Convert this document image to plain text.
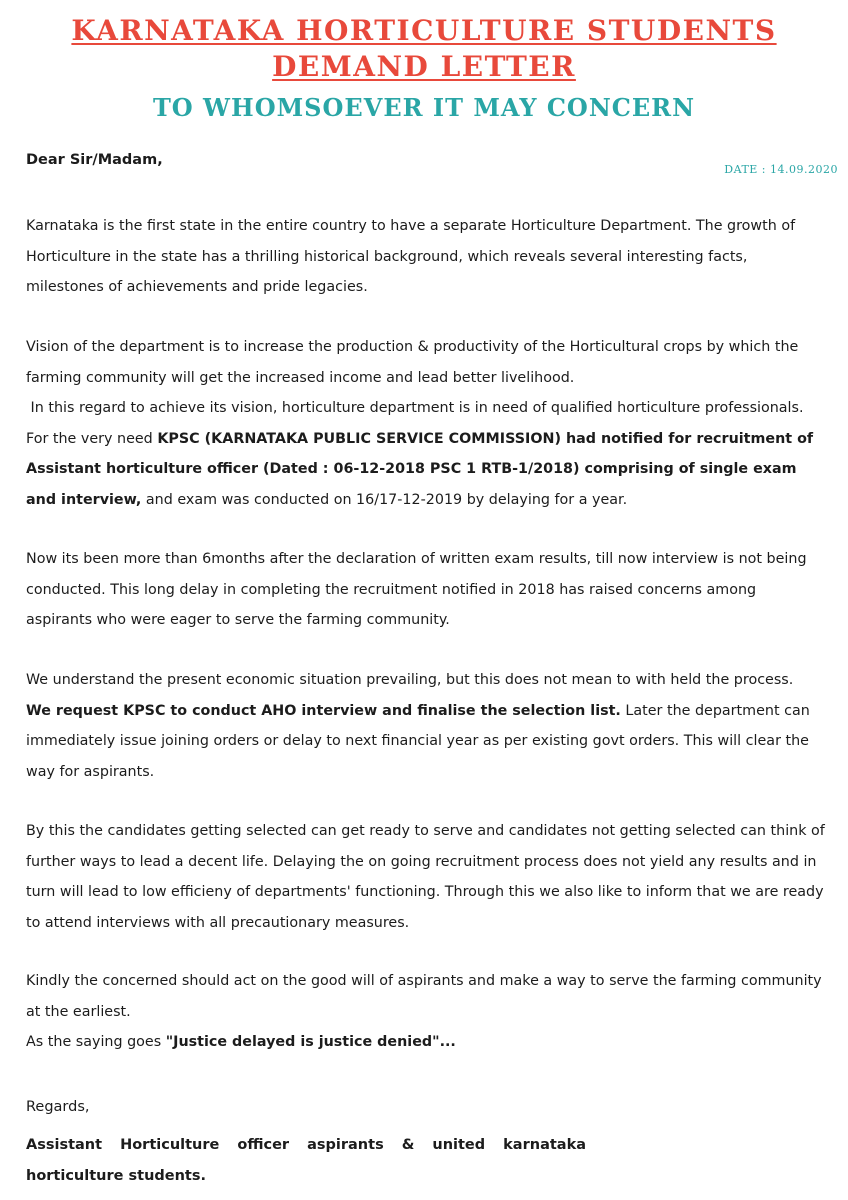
KARNATAKA HORTICULTURE STUDENTS
DEMAND LETTER
TO WHOMSOEVER IT MAY CONCERN

Dear Sir/Madam,

DATE : 14.09.2020

Karnataka is the first state in the entire country to have a separate Horticulture Department. The growth of Horticulture in the state has a thrilling historical background, which reveals several interesting facts, milestones of achievements and pride legacies.

Vision of the department is to increase the production & productivity of the Horticultural crops by which the farming community will get the increased income and lead better livelihood.
In this regard to achieve its vision, horticulture department is in need of qualified horticulture professionals.
For the very need KPSC (KARNATAKA PUBLIC SERVICE COMMISSION) had notified for recruitment of Assistant horticulture officer (Dated : 06-12-2018 PSC 1 RTB-1/2018) comprising of single exam and interview, and exam was conducted on 16/17-12-2019 by delaying for a year.

Now its been more than 6months after the declaration of written exam results, till now interview is not being conducted. This long delay in completing the recruitment notified in 2018 has raised concerns among aspirants who were eager to serve the farming community.

We understand the present economic situation prevailing, but this does not mean to with held the process.
We request KPSC to conduct AHO interview and finalise the selection list. Later the department can immediately issue joining orders or delay to next financial year as per existing govt orders. This will clear the way for aspirants.

By this the candidates getting selected can get ready to serve and candidates not getting selected can think of further ways to lead a decent life. Delaying the on going recruitment process does not yield any results and in turn will lead to low efficieny of departments' functioning. Through this we also like to inform that we are ready to attend interviews with all precautionary measures.

Kindly the concerned should act on the good will of aspirants and make a way to serve the farming community at the earliest.
As the saying goes "Justice delayed is justice denied"...

Regards,

Assistant Horticulture officer aspirants & united karnataka horticulture students.
